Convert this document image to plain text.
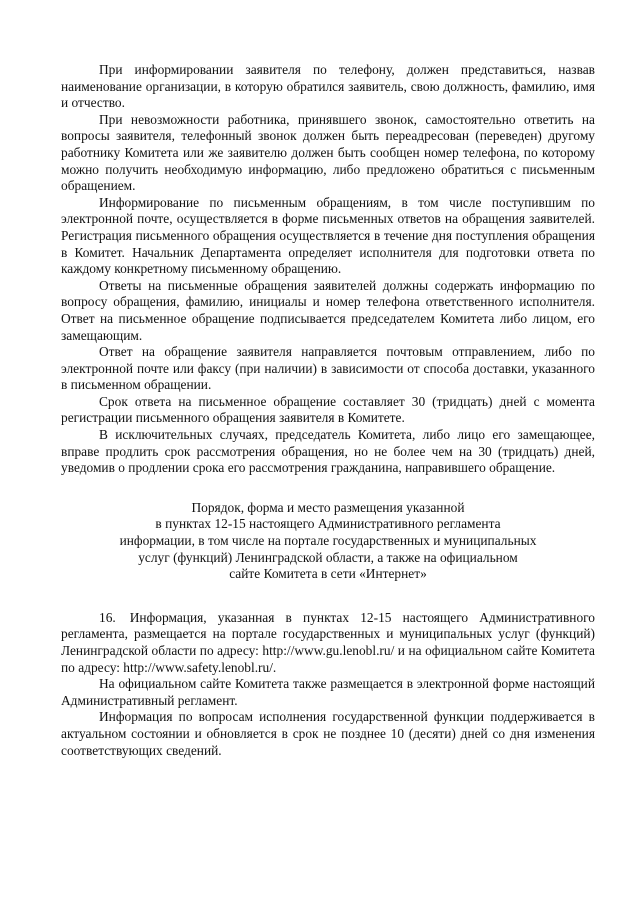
При информировании заявителя по телефону, должен представиться, назвав наименование организации, в которую обратился заявитель, свою должность, фамилию, имя и отчество.

При невозможности работника, принявшего звонок, самостоятельно ответить на вопросы заявителя, телефонный звонок должен быть переадресован (переведен) другому работнику Комитета или же заявителю должен быть сообщен номер телефона, по которому можно получить необходимую информацию, либо предложено обратиться с письменным обращением.

Информирование по письменным обращениям, в том числе поступившим по электронной почте, осуществляется в форме письменных ответов на обращения заявителей. Регистрация письменного обращения осуществляется в течение дня поступления обращения в Комитет. Начальник Департамента определяет исполнителя для подготовки ответа по каждому конкретному письменному обращению.

Ответы на письменные обращения заявителей должны содержать информацию по вопросу обращения, фамилию, инициалы и номер телефона ответственного исполнителя. Ответ на письменное обращение подписывается председателем Комитета либо лицом, его замещающим.

Ответ на обращение заявителя направляется почтовым отправлением, либо по электронной почте или факсу (при наличии) в зависимости от способа доставки, указанного в письменном обращении.

Срок ответа на письменное обращение составляет 30 (тридцать) дней с момента регистрации письменного обращения заявителя в Комитете.

В исключительных случаях, председатель Комитета, либо лицо его замещающее, вправе продлить срок рассмотрения обращения, но не более чем на 30 (тридцать) дней, уведомив о продлении срока его рассмотрения гражданина, направившего обращение.

Порядок, форма и место размещения указанной

в пунктах 12-15 настоящего Административного регламента

информации, в том числе на портале государственных и муниципальных

услуг (функций) Ленинградской области, а также на официальном

сайте Комитета в сети «Интернет»

16. Информация, указанная в пунктах 12-15 настоящего Административного регламента, размещается на портале государственных и муниципальных услуг (функций) Ленинградской области по адресу: http://www.gu.lenobl.ru/ и на официальном сайте Комитета по адресу: http://www.safety.lenobl.ru/.

На официальном сайте Комитета также размещается в электронной форме настоящий Административный регламент.

Информация по вопросам исполнения государственной функции поддерживается в актуальном состоянии и обновляется в срок не позднее 10 (десяти) дней со дня изменения соответствующих сведений.
